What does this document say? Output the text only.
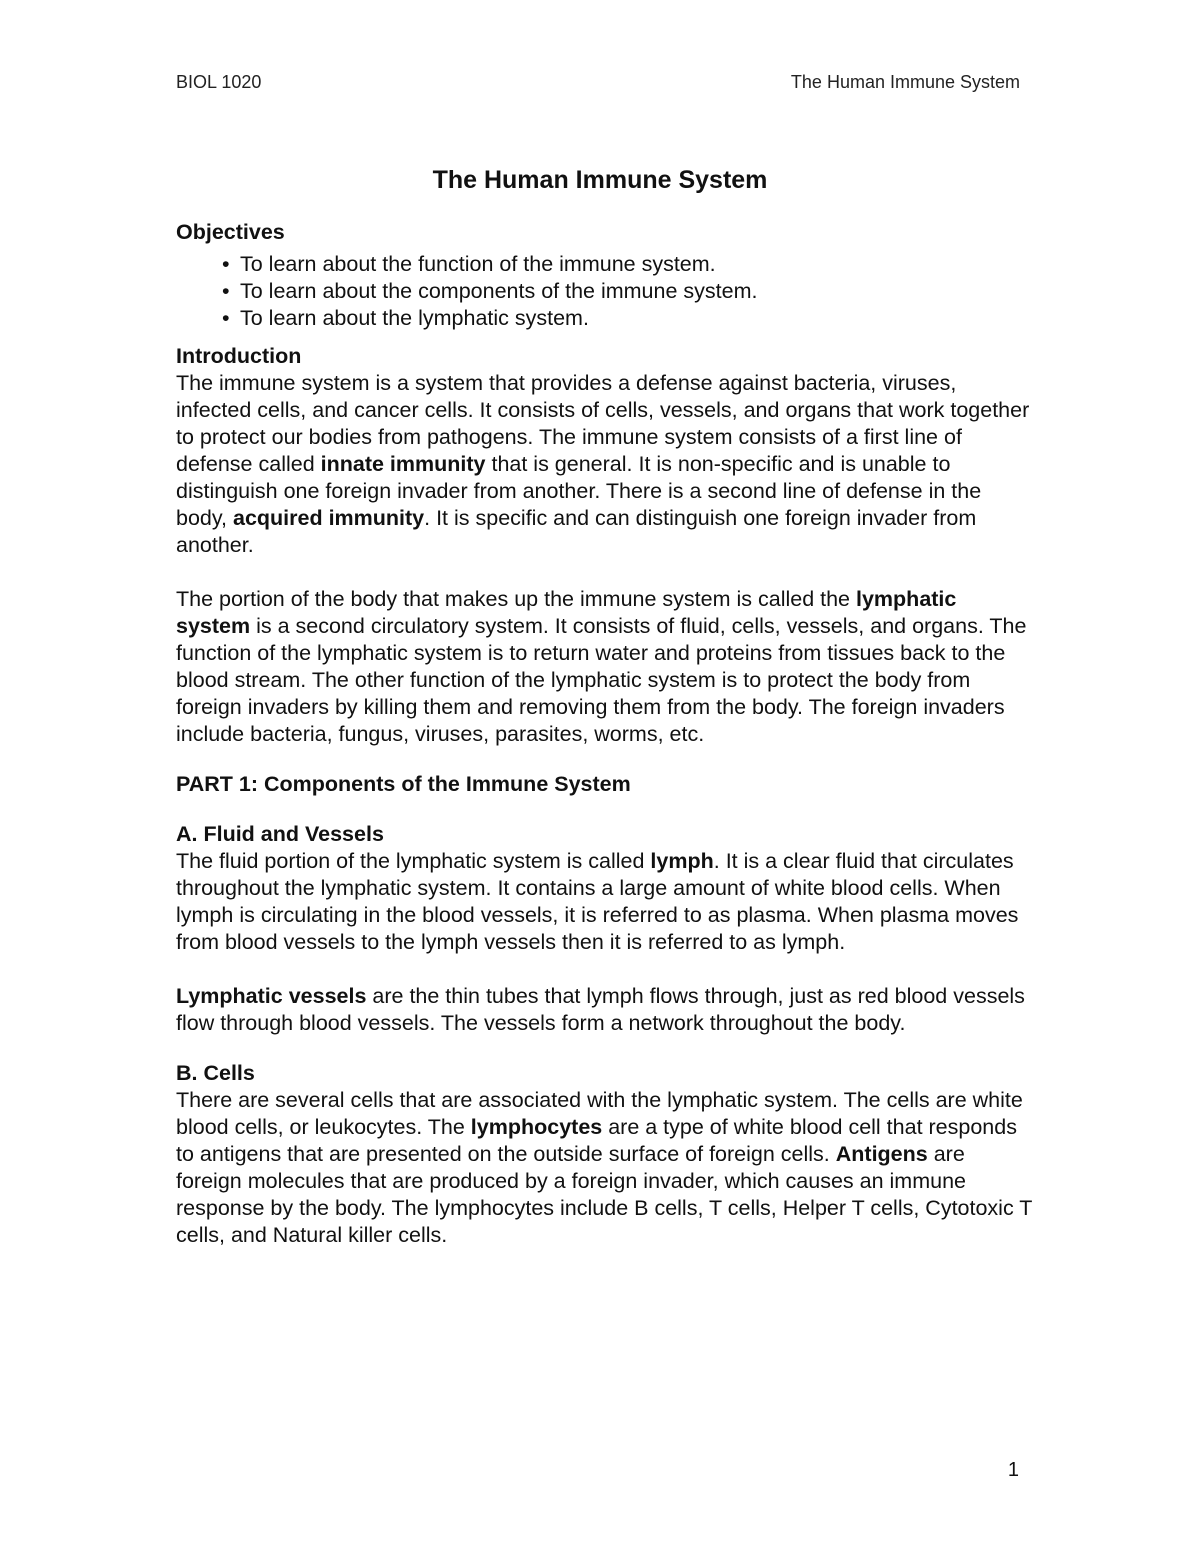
BIOL 1020	The Human Immune System
The Human Immune System
Objectives
• To learn about the function of the immune system.
• To learn about the components of the immune system.
• To learn about the lymphatic system.
Introduction

The immune system is a system that provides a defense against bacteria, viruses, infected cells, and cancer cells. It consists of cells, vessels, and organs that work together to protect our bodies from pathogens. The immune system consists of a first line of defense called innate immunity that is general. It is non-specific and is unable to distinguish one foreign invader from another. There is a second line of defense in the body, acquired immunity. It is specific and can distinguish one foreign invader from another.

The portion of the body that makes up the immune system is called the lymphatic system is a second circulatory system. It consists of fluid, cells, vessels, and organs. The function of the lymphatic system is to return water and proteins from tissues back to the blood stream. The other function of the lymphatic system is to protect the body from foreign invaders by killing them and removing them from the body. The foreign invaders include bacteria, fungus, viruses, parasites, worms, etc.

PART 1: Components of the Immune System
A. Fluid and Vessels

The fluid portion of the lymphatic system is called lymph. It is a clear fluid that circulates throughout the lymphatic system. It contains a large amount of white blood cells. When lymph is circulating in the blood vessels, it is referred to as plasma. When plasma moves from blood vessels to the lymph vessels then it is referred to as lymph.

Lymphatic vessels are the thin tubes that lymph flows through, just as red blood vessels flow through blood vessels. The vessels form a network throughout the body.

B. Cells

There are several cells that are associated with the lymphatic system. The cells are white blood cells, or leukocytes. The lymphocytes are a type of white blood cell that responds to antigens that are presented on the outside surface of foreign cells. Antigens are foreign molecules that are produced by a foreign invader, which causes an immune response by the body. The lymphocytes include B cells, T cells, Helper T cells, Cytotoxic T cells, and Natural killer cells.

1
